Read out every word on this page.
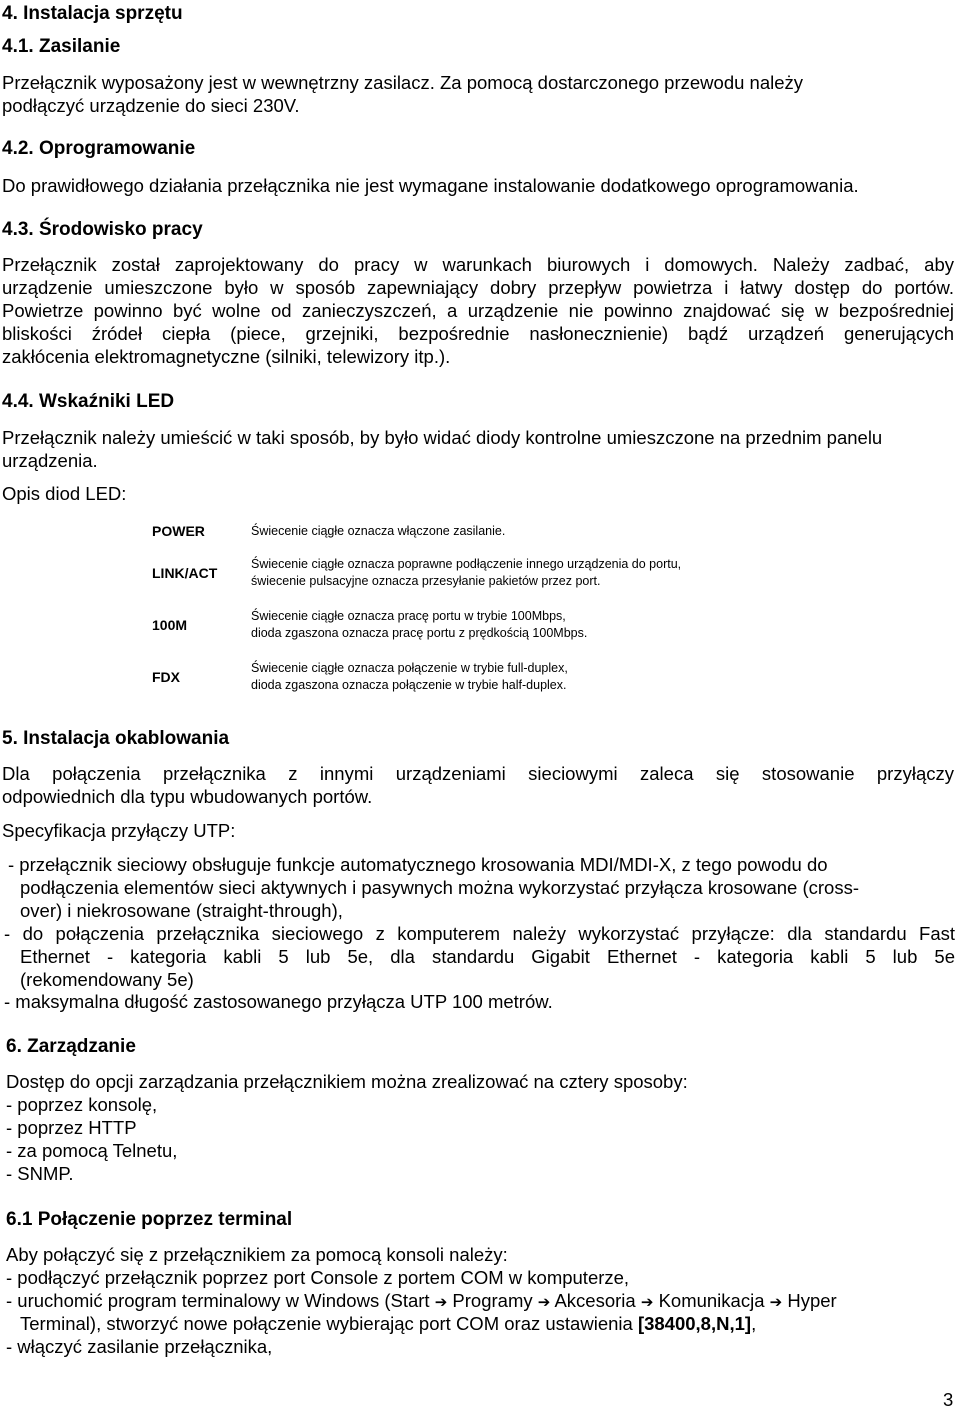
4. Instalacja sprzętu
4.1. Zasilanie
Przełącznik wyposażony jest w wewnętrzny zasilacz. Za pomocą dostarczonego przewodu należy
podłączyć urządzenie do sieci 230V.
4.2. Oprogramowanie
Do prawidłowego działania przełącznika nie jest wymagane instalowanie dodatkowego oprogramowania.
4.3. Środowisko pracy
Przełącznik został zaprojektowany do pracy w warunkach biurowych i domowych. Należy zadbać, aby
urządzenie umieszczone było w sposób zapewniający dobry przepływ powietrza i łatwy dostęp do portów.
Powietrze powinno być wolne od zanieczyszczeń, a urządzenie nie powinno znajdować się w bezpośredniej
bliskości źródeł ciepła (piece, grzejniki, bezpośrednie nasłonecznienie) bądź urządzeń generujących
zakłócenia elektromagnetyczne (silniki, telewizory itp.).
4.4. Wskaźniki LED
Przełącznik należy umieścić w taki sposób, by było widać diody kontrolne umieszczone na przednim panelu
urządzenia.
Opis diod LED:
POWER	Świecenie ciągłe oznacza włączone zasilanie.
LINK/ACT
Świecenie ciągłe oznacza poprawne podłączenie innego urządzenia do portu,
świecenie pulsacyjne oznacza przesyłanie pakietów przez port.
100M
Świecenie ciągłe oznacza pracę portu w trybie 100Mbps,
dioda zgaszona oznacza pracę portu z prędkością 100Mbps.
FDX
Świecenie ciągłe oznacza połączenie w trybie full-duplex,
dioda zgaszona oznacza połączenie w trybie half-duplex.
5. Instalacja okablowania
Dla połączenia przełącznika z innymi urządzeniami sieciowymi zaleca się stosowanie przyłączy
odpowiednich dla typu wbudowanych portów.
Specyfikacja przyłączy UTP:
- przełącznik sieciowy obsługuje funkcje automatycznego krosowania MDI/MDI-X, z tego powodu do
podłączenia elementów sieci aktywnych i pasywnych można wykorzystać przyłącza krosowane (cross-
over) i niekrosowane (straight-through),
- do połączenia przełącznika sieciowego z komputerem należy wykorzystać przyłącze: dla standardu Fast
Ethernet - kategoria kabli 5 lub 5e, dla standardu Gigabit Ethernet - kategoria kabli 5 lub 5e
(rekomendowany 5e)
- maksymalna długość zastosowanego przyłącza UTP 100 metrów.
6. Zarządzanie
Dostęp do opcji zarządzania przełącznikiem można zrealizować na cztery sposoby:
- poprzez konsolę,
- poprzez HTTP
- za pomocą Telnetu,
- SNMP.
6.1 Połączenie poprzez terminal
Aby połączyć się z przełącznikiem za pomocą konsoli należy:
- podłączyć przełącznik poprzez port Console z portem COM w komputerze,
- uruchomić program terminalowy w Windows (Start ➔ Programy ➔ Akcesoria ➔ Komunikacja ➔ Hyper
Terminal), stworzyć nowe połączenie wybierając port COM oraz ustawienia [38400,8,N,1],
- włączyć zasilanie przełącznika,
3
